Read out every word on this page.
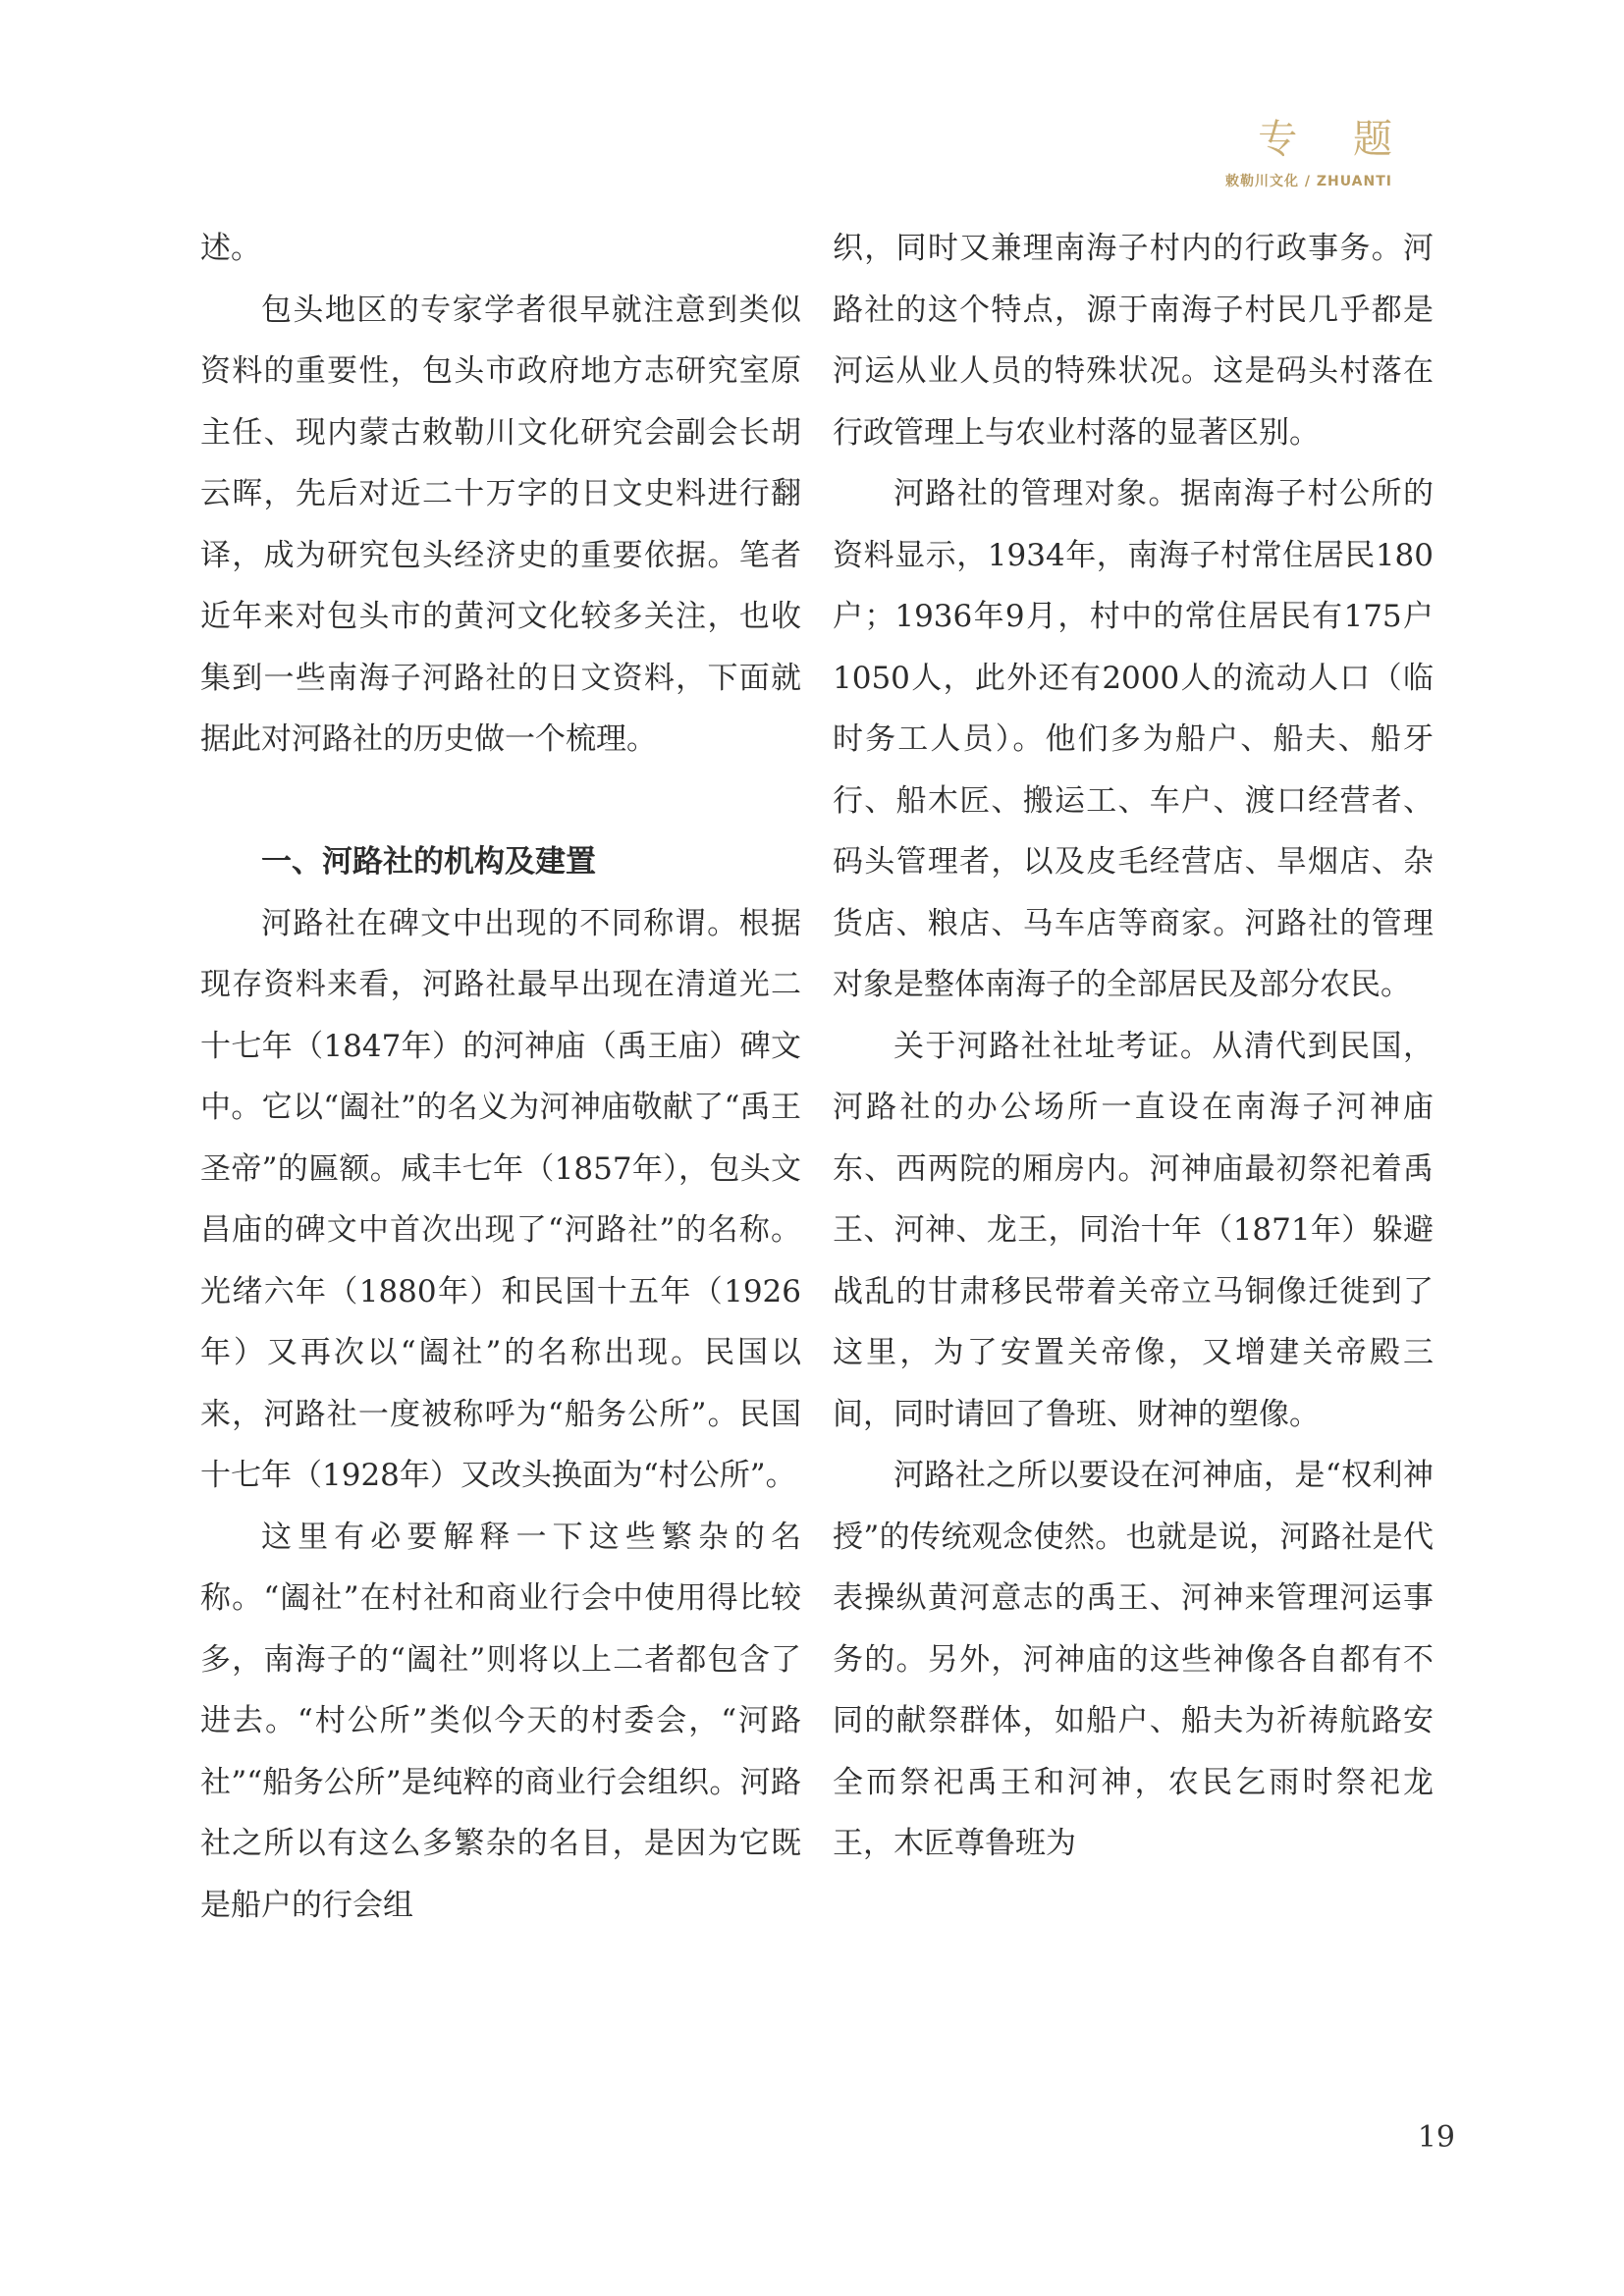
专 题
敕勒川文化 / ZHUANTI

述。

包头地区的专家学者很早就注意到类似资料的重要性，包头市政府地方志研究室原主任、现内蒙古敕勒川文化研究会副会长胡云晖，先后对近二十万字的日文史料进行翻译，成为研究包头经济史的重要依据。笔者近年来对包头市的黄河文化较多关注，也收集到一些南海子河路社的日文资料，下面就据此对河路社的历史做一个梳理。

一、河路社的机构及建置

河路社在碑文中出现的不同称谓。根据现存资料来看，河路社最早出现在清道光二十七年（1847年）的河神庙（禹王庙）碑文中。它以“阖社”的名义为河神庙敬献了“禹王圣帝”的匾额。咸丰七年（1857年），包头文昌庙的碑文中首次出现了“河路社”的名称。光绪六年（1880年）和民国十五年（1926年）又再次以“阖社”的名称出现。民国以来，河路社一度被称呼为“船务公所”。民国十七年（1928年）又改头换面为“村公所”。

这里有必要解释一下这些繁杂的名称。“阖社”在村社和商业行会中使用得比较多，南海子的“阖社”则将以上二者都包含了进去。“村公所”类似今天的村委会，“河路社”“船务公所”是纯粹的商业行会组织。河路社之所以有这么多繁杂的名目，是因为它既是船户的行会组

织，同时又兼理南海子村内的行政事务。河路社的这个特点，源于南海子村民几乎都是河运从业人员的特殊状况。这是码头村落在行政管理上与农业村落的显著区别。

河路社的管理对象。据南海子村公所的资料显示，1934年，南海子村常住居民180户；1936年9月，村中的常住居民有175户1050人，此外还有2000人的流动人口（临时务工人员）。他们多为船户、船夫、船牙行、船木匠、搬运工、车户、渡口经营者、码头管理者，以及皮毛经营店、旱烟店、杂货店、粮店、马车店等商家。河路社的管理对象是整体南海子的全部居民及部分农民。

关于河路社社址考证。从清代到民国，河路社的办公场所一直设在南海子河神庙东、西两院的厢房内。河神庙最初祭祀着禹王、河神、龙王，同治十年（1871年）躲避战乱的甘肃移民带着关帝立马铜像迁徙到了这里，为了安置关帝像，又增建关帝殿三间，同时请回了鲁班、财神的塑像。

河路社之所以要设在河神庙，是“权利神授”的传统观念使然。也就是说，河路社是代表操纵黄河意志的禹王、河神来管理河运事务的。另外，河神庙的这些神像各自都有不同的献祭群体，如船户、船夫为祈祷航路安全而祭祀禹王和河神，农民乞雨时祭祀龙王，木匠尊鲁班为

19
